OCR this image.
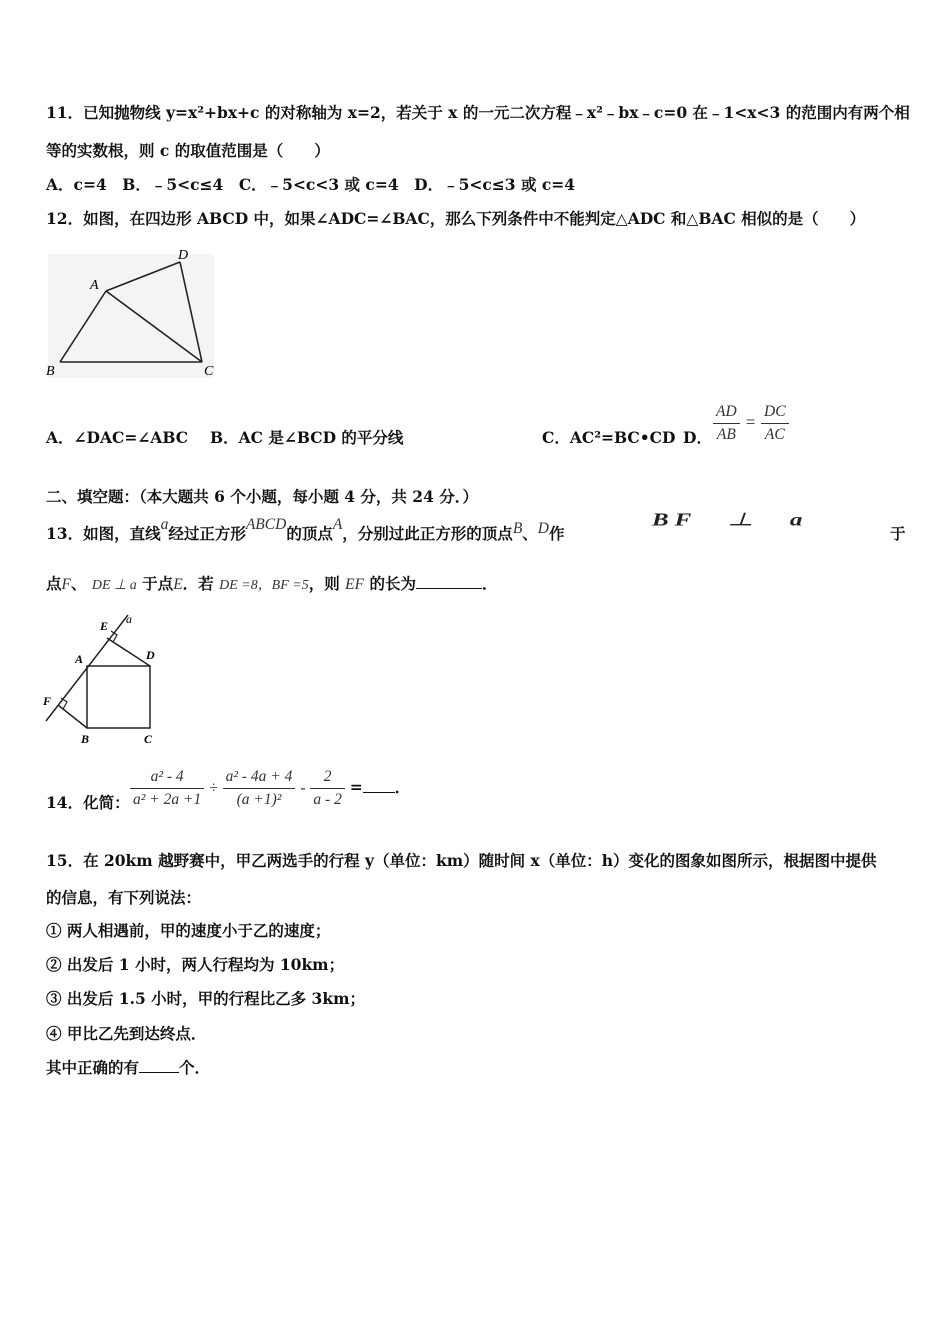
11．已知抛物线 y=x²+bx+c 的对称轴为 x=2，若关于 x 的一元二次方程﹣x²﹣bx﹣c=0 在﹣1<x<3 的范围内有两个相
等的实数根，则 c 的取值范围是（　　）
A．c=4　B．﹣5<c≤4　C．﹣5<c<3 或 c=4　D．﹣5<c≤3 或 c=4
12．如图，在四边形 ABCD 中，如果∠ADC=∠BAC，那么下列条件中不能判定△ADC 和△BAC 相似的是（　　）
A
D
B	C
A．∠DAC=∠ABC B．AC 是∠BCD 的平分线	C．AC²=BC•CD D． $\frac{AD}{AB} = \frac{DC}{AC}$
二、填空题：（本大题共 6 个小题，每小题 4 分，共 24 分．）
13．如图，直线a经过正方形ABCD的顶点A，分别过此正方形的顶点B、D作
BF　⊥　a
于
点F、 DE ⊥ a 于点E．若 DE =8，BF =5，则 EF 的长为	．
E a
A	D
F
B	C
14．化简： $\frac{\text{a² - 4}}{\text{a² + 2a +1}} \div \frac{\text{a² - 4a + 4}}{\text{(a +1)²}} - \frac{2}{a - 2}$ = ．
15．在 20km 越野赛中，甲乙两选手的行程 y（单位：km）随时间 x（单位：h）变化的图象如图所示，根据图中提供
的信息，有下列说法：
① 两人相遇前，甲的速度小于乙的速度；
② 出发后 1 小时，两人行程均为 10km；
③ 出发后 1.5 小时，甲的行程比乙多 3km；
④ 甲比乙先到达终点．
其中正确的有	个．
